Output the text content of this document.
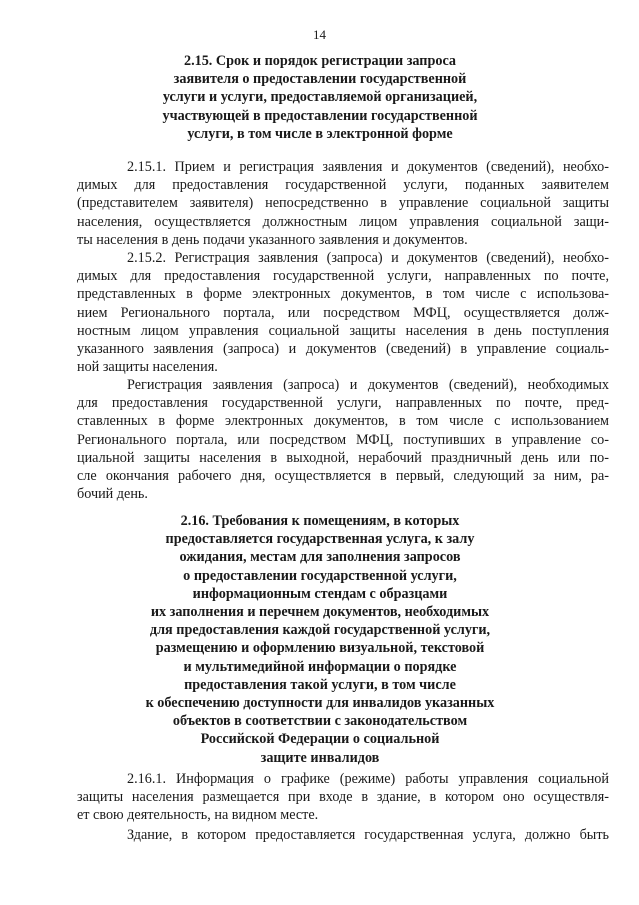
14
2.15. Срок и порядок регистрации запроса
заявителя о предоставлении государственной
услуги и услуги, предоставляемой организацией,
участвующей в предоставлении государственной
услуги, в том числе в электронной форме
2.15.1. Прием и регистрация заявления и документов (сведений), необхо-
димых для предоставления государственной услуги, поданных заявителем
(представителем заявителя) непосредственно в управление социальной защиты
населения, осуществляется должностным лицом управления социальной защи-
ты населения в день подачи указанного заявления и документов.
2.15.2. Регистрация заявления (запроса) и документов (сведений), необхо-
димых для предоставления государственной услуги, направленных по почте,
представленных в форме электронных документов, в том числе с использова-
нием Регионального портала, или посредством МФЦ, осуществляется долж-
ностным лицом управления социальной защиты населения в день поступления
указанного заявления (запроса) и документов (сведений) в управление социаль-
ной защиты населения.
Регистрация заявления (запроса) и документов (сведений), необходимых
для предоставления государственной услуги, направленных по почте, пред-
ставленных в форме электронных документов, в том числе с использованием
Регионального портала, или посредством МФЦ, поступивших в управление со-
циальной защиты населения в выходной, нерабочий праздничный день или по-
сле окончания рабочего дня, осуществляется в первый, следующий за ним, ра-
бочий день.
2.16. Требования к помещениям, в которых
предоставляется государственная услуга, к залу
ожидания, местам для заполнения запросов
о предоставлении государственной услуги,
информационным стендам с образцами
их заполнения и перечнем документов, необходимых
для предоставления каждой государственной услуги,
размещению и оформлению визуальной, текстовой
и мультимедийной информации о порядке
предоставления такой услуги, в том числе
к обеспечению доступности для инвалидов указанных
объектов в соответствии с законодательством
Российской Федерации о социальной
защите инвалидов
2.16.1. Информация о графике (режиме) работы управления социальной
защиты населения размещается при входе в здание, в котором оно осуществля-
ет свою деятельность, на видном месте.
Здание, в котором предоставляется государственная услуга, должно быть
